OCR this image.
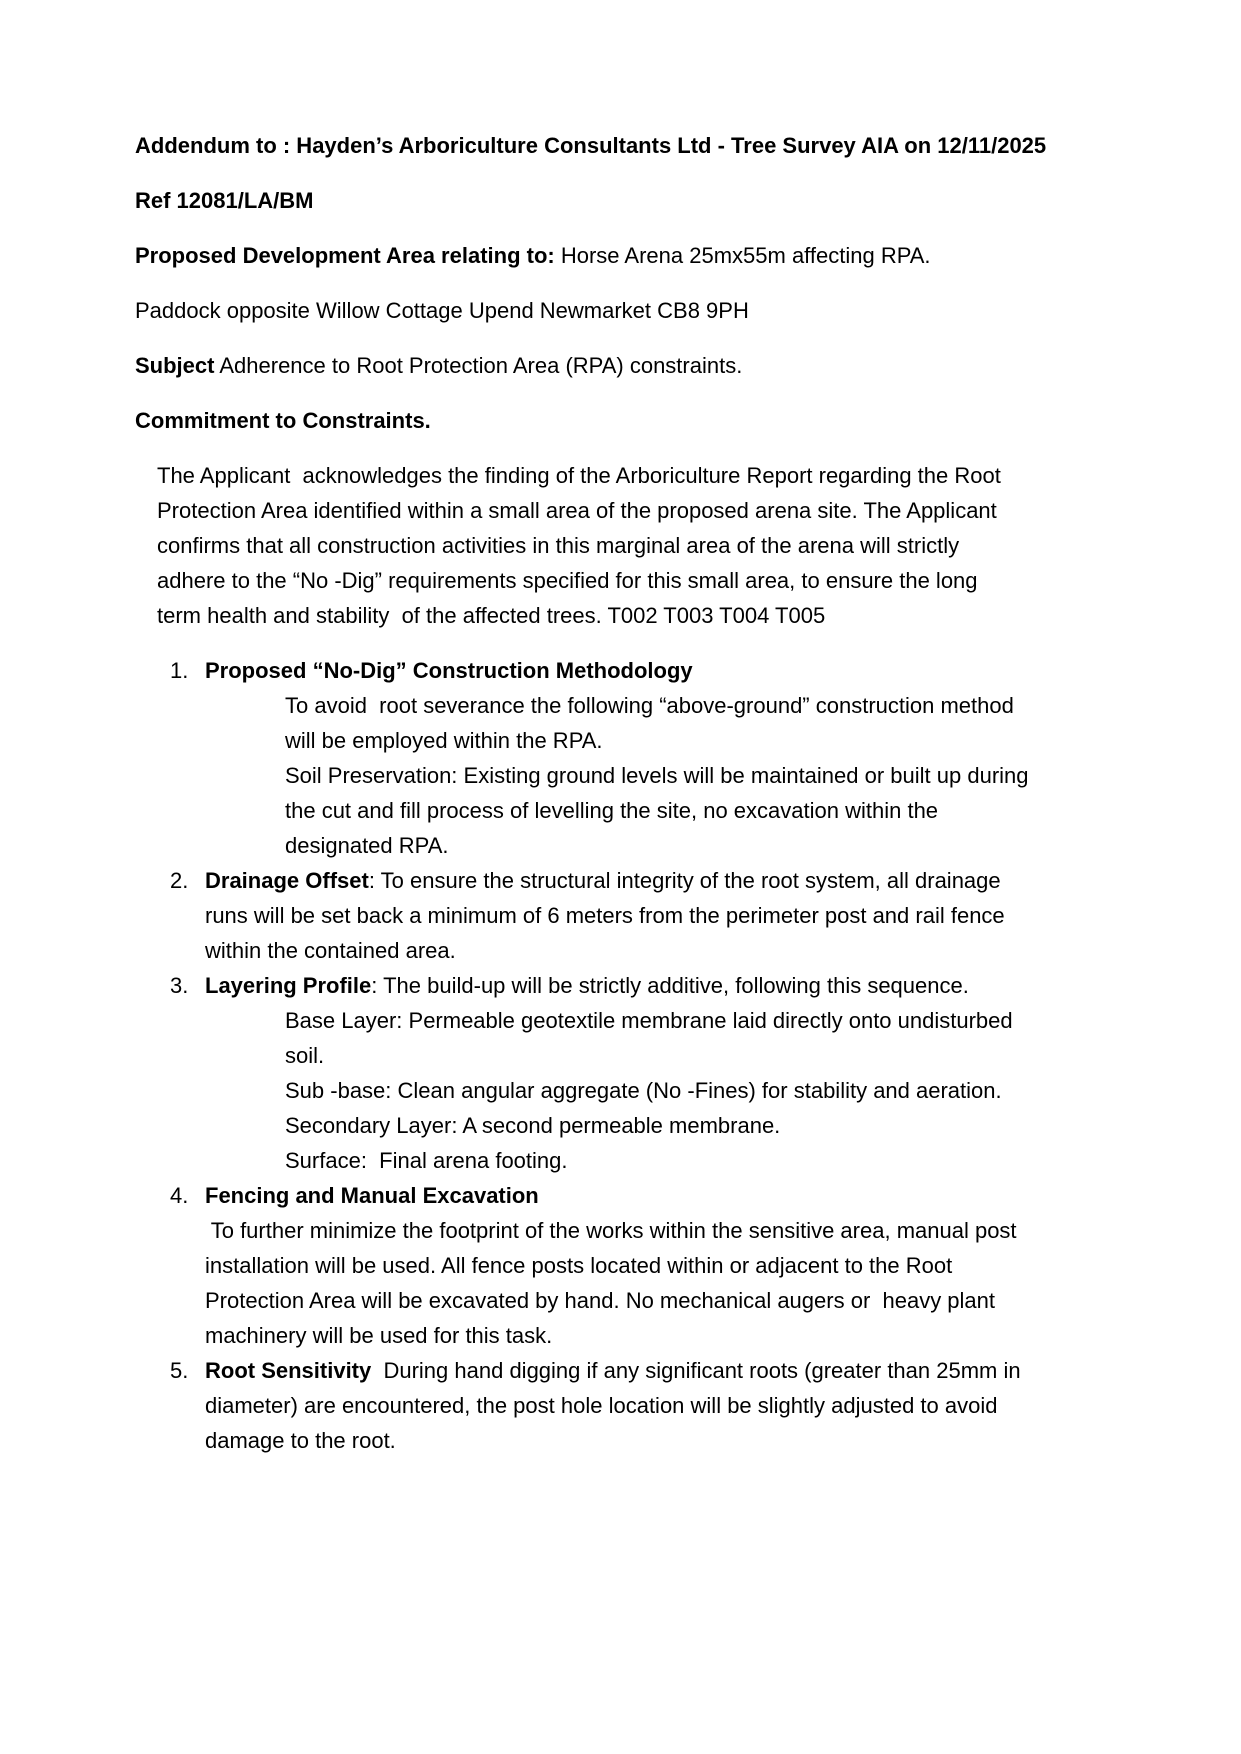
Addendum to : Hayden’s Arboriculture Consultants Ltd - Tree Survey AIA on 12/11/2025
Ref 12081/LA/BM
Proposed Development Area relating to: Horse Arena 25mx55m affecting RPA.
Paddock opposite Willow Cottage Upend Newmarket CB8 9PH
Subject Adherence to Root Protection Area (RPA) constraints.
Commitment to Constraints.
The Applicant  acknowledges the finding of the Arboriculture Report regarding the Root
Protection Area identified within a small area of the proposed arena site. The Applicant
confirms that all construction activities in this marginal area of the arena will strictly
adhere to the “No -Dig” requirements specified for this small area, to ensure the long
term health and stability  of the affected trees. T002 T003 T004 T005
1. Proposed “No-Dig” Construction Methodology
To avoid  root severance the following “above-ground” construction method
will be employed within the RPA.
Soil Preservation: Existing ground levels will be maintained or built up during
the cut and fill process of levelling the site, no excavation within the
designated RPA.
2. Drainage Offset: To ensure the structural integrity of the root system, all drainage
runs will be set back a minimum of 6 meters from the perimeter post and rail fence
within the contained area.
3. Layering Profile: The build-up will be strictly additive, following this sequence.
Base Layer: Permeable geotextile membrane laid directly onto undisturbed
soil.
Sub -base: Clean angular aggregate (No -Fines) for stability and aeration.
Secondary Layer: A second permeable membrane.
Surface:  Final arena footing.
4. Fencing and Manual Excavation
To further minimize the footprint of the works within the sensitive area, manual post
installation will be used. All fence posts located within or adjacent to the Root
Protection Area will be excavated by hand. No mechanical augers or  heavy plant
machinery will be used for this task.
5. Root Sensitivity  During hand digging if any significant roots (greater than 25mm in
diameter) are encountered, the post hole location will be slightly adjusted to avoid
damage to the root.
